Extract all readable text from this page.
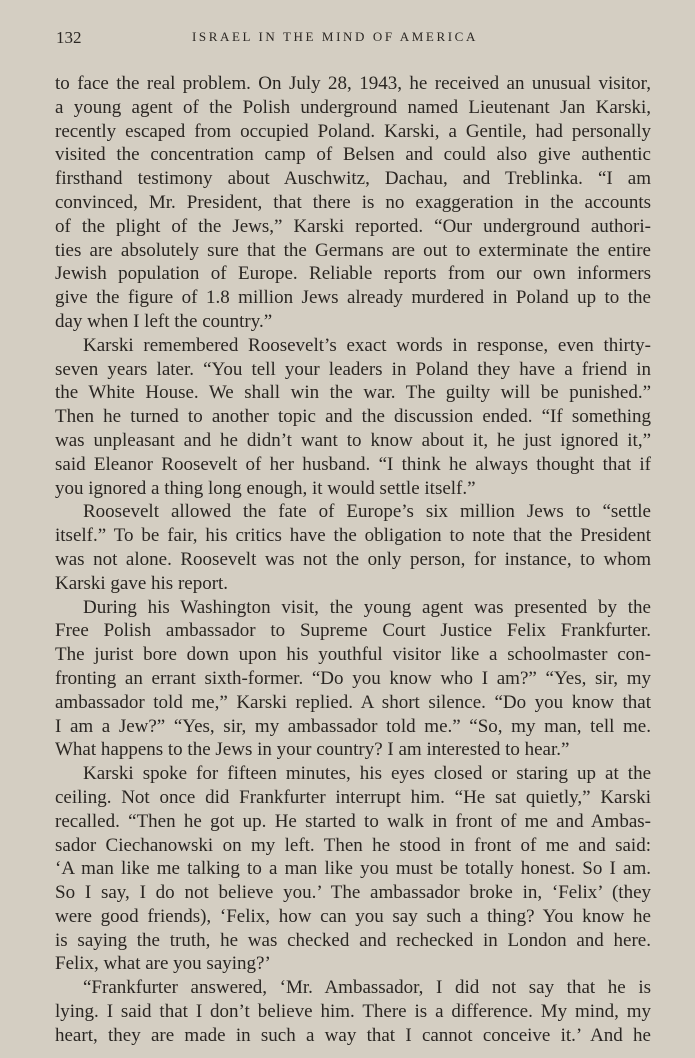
132	ISRAEL IN THE MIND OF AMERICA
to face the real problem. On July 28, 1943, he received an unusual visitor,
a young agent of the Polish underground named Lieutenant Jan Karski,
recently escaped from occupied Poland. Karski, a Gentile, had personally
visited the concentration camp of Belsen and could also give authentic
firsthand testimony about Auschwitz, Dachau, and Treblinka. “I am
convinced, Mr. President, that there is no exaggeration in the accounts
of the plight of the Jews,” Karski reported. “Our underground authori-
ties are absolutely sure that the Germans are out to exterminate the entire
Jewish population of Europe. Reliable reports from our own informers
give the figure of 1.8 million Jews already murdered in Poland up to the
day when I left the country.”
Karski remembered Roosevelt’s exact words in response, even thirty-
seven years later. “You tell your leaders in Poland they have a friend in
the White House. We shall win the war. The guilty will be punished.”
Then he turned to another topic and the discussion ended. “If something
was unpleasant and he didn’t want to know about it, he just ignored it,”
said Eleanor Roosevelt of her husband. “I think he always thought that if
you ignored a thing long enough, it would settle itself.”
Roosevelt allowed the fate of Europe’s six million Jews to “settle
itself.” To be fair, his critics have the obligation to note that the President
was not alone. Roosevelt was not the only person, for instance, to whom
Karski gave his report.
During his Washington visit, the young agent was presented by the
Free Polish ambassador to Supreme Court Justice Felix Frankfurter.
The jurist bore down upon his youthful visitor like a schoolmaster con-
fronting an errant sixth-former. “Do you know who I am?” “Yes, sir, my
ambassador told me,” Karski replied. A short silence. “Do you know that
I am a Jew?” “Yes, sir, my ambassador told me.” “So, my man, tell me.
What happens to the Jews in your country? I am interested to hear.”
Karski spoke for fifteen minutes, his eyes closed or staring up at the
ceiling. Not once did Frankfurter interrupt him. “He sat quietly,” Karski
recalled. “Then he got up. He started to walk in front of me and Ambas-
sador Ciechanowski on my left. Then he stood in front of me and said:
‘A man like me talking to a man like you must be totally honest. So I am.
So I say, I do not believe you.’ The ambassador broke in, ‘Felix’ (they
were good friends), ‘Felix, how can you say such a thing? You know he
is saying the truth, he was checked and rechecked in London and here.
Felix, what are you saying?’
“Frankfurter answered, ‘Mr. Ambassador, I did not say that he is
lying. I said that I don’t believe him. There is a difference. My mind, my
heart, they are made in such a way that I cannot conceive it.’ And he
